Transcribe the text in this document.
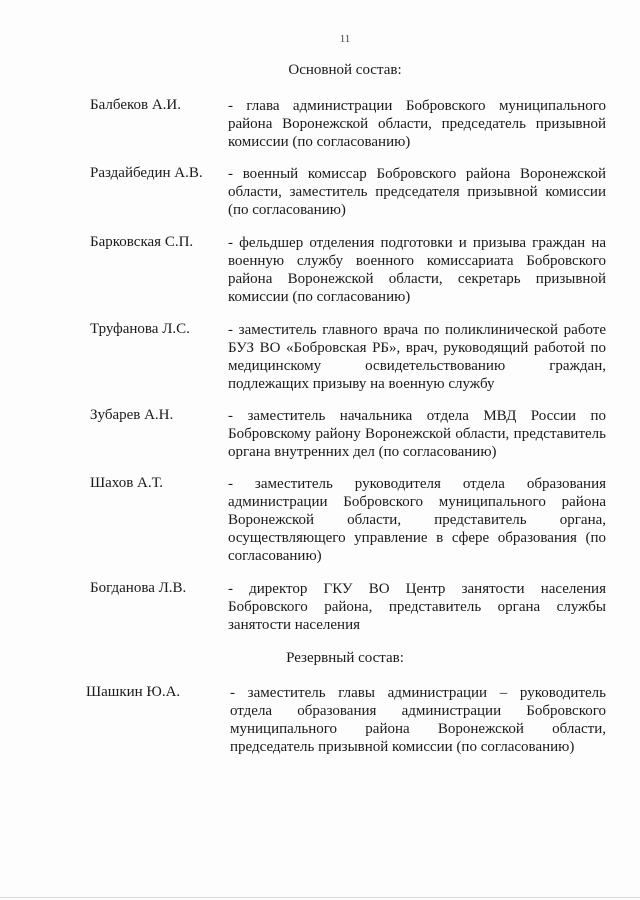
11
Основной состав:
Балбеков А.И.	- глава администрации Бобровского муниципального района Воронежской области, председатель призывной комиссии (по согласованию)
Раздайбедин А.В. - военный комиссар Бобровского района Воронежской области, заместитель председателя призывной комиссии (по согласованию)
Барковская С.П. - фельдшер отделения подготовки и призыва граждан на военную службу военного комиссариата Бобровского района Воронежской области, секретарь призывной комиссии (по согласованию)
Труфанова Л.С.	- заместитель главного врача по поликлинической работе БУЗ ВО «Бобровская РБ», врач, руководящий работой по медицинскому освидетельствованию граждан, подлежащих призыву на военную службу
Зубарев А.Н.	- заместитель начальника отдела МВД России по Бобровскому району Воронежской области, представитель органа внутренних дел (по согласованию)
Шахов А.Т.	- заместитель руководителя отдела образования администрации Бобровского муниципального района Воронежской области, представитель органа, осуществляющего управление в сфере образования (по согласованию)
Богданова Л.В.	- директор ГКУ ВО Центр занятости населения Бобровского района, представитель органа службы занятости населения
Резервный состав:
Шашкин Ю.А.	- заместитель главы администрации – руководитель отдела образования администрации Бобровского муниципального района Воронежской области, председатель призывной комиссии (по согласованию)
